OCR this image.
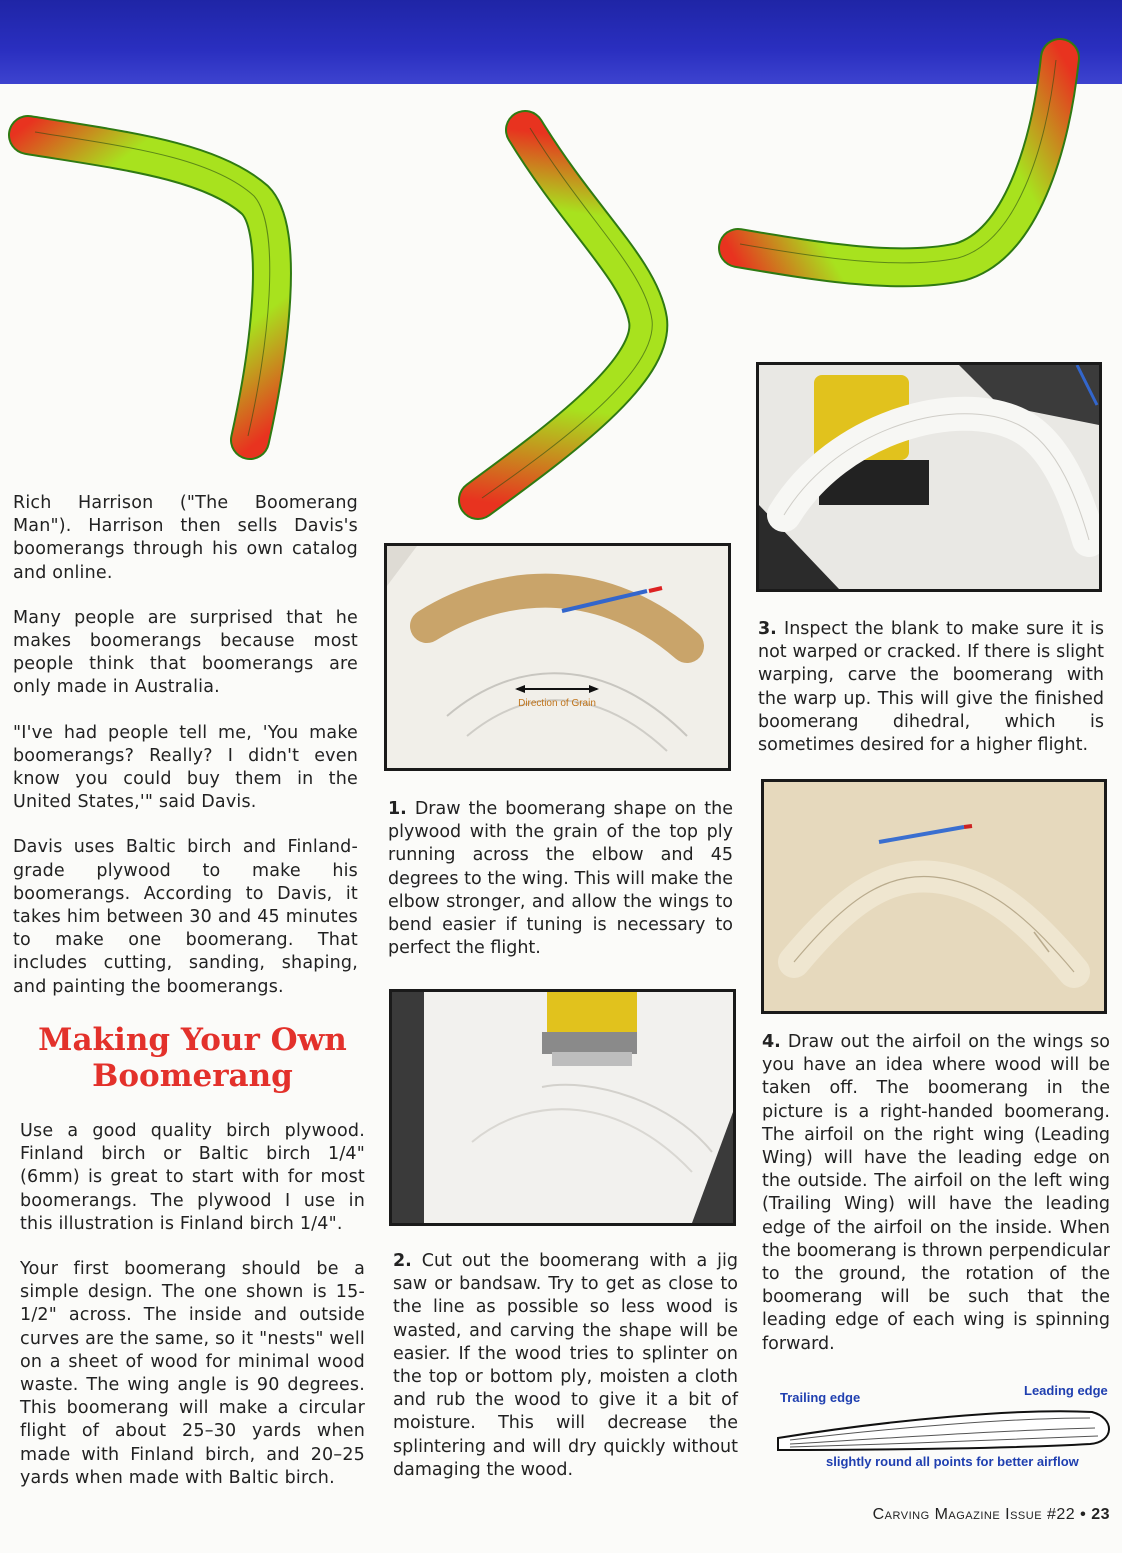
Rich Harrison ("The Boomerang Man"). Harrison then sells Davis's boomerangs through his own catalog and online.

Many people are surprised that he makes boomerangs because most people think that boomerangs are only made in Australia.

"I've had people tell me, 'You make boomerangs? Really? I didn't even know you could buy them in the United States,'" said Davis.

Davis uses Baltic birch and Finland-grade plywood to make his boomerangs. According to Davis, it takes him between 30 and 45 minutes to make one boomerang. That includes cutting, sanding, shaping, and painting the boomerangs.

Making Your Own
Boomerang

Use a good quality birch plywood. Finland birch or Baltic birch 1/4" (6mm) is great to start with for most boomerangs. The plywood I use in this illustration is Finland birch 1/4".

Your first boomerang should be a simple design. The one shown is 15-1/2" across. The inside and outside curves are the same, so it "nests" well on a sheet of wood for minimal wood waste. The wing angle is 90 degrees. This boomerang will make a circular flight of about 25–30 yards when made with Finland birch, and 20–25 yards when made with Baltic birch.

Direction of Grain
1. Draw the boomerang shape on the plywood with the grain of the top ply running across the elbow and 45 degrees to the wing. This will make the elbow stronger, and allow the wings to bend easier if tuning is necessary to perfect the flight.
2. Cut out the boomerang with a jig saw or bandsaw. Try to get as close to the line as possible so less wood is wasted, and carving the shape will be easier. If the wood tries to splinter on the top or bottom ply, moisten a cloth and rub the wood to give it a bit of moisture. This will decrease the splintering and will dry quickly without damaging the wood.
3. Inspect the blank to make sure it is not warped or cracked. If there is slight warping, carve the boomerang with the warp up. This will give the finished boomerang dihedral, which is sometimes desired for a higher flight.
4. Draw out the airfoil on the wings so you have an idea where wood will be taken off. The boomerang in the picture is a right-handed boomerang. The airfoil on the right wing (Leading Wing) will have the leading edge on the outside. The airfoil on the left wing (Trailing Wing) will have the leading edge of the airfoil on the inside. When the boomerang is thrown perpendicular to the ground, the rotation of the boomerang will be such that the leading edge of each wing is spinning forward.
Trailing edge	Leading edge
slightly round all points for better airflow
Carving Magazine Issue #22 • 23
